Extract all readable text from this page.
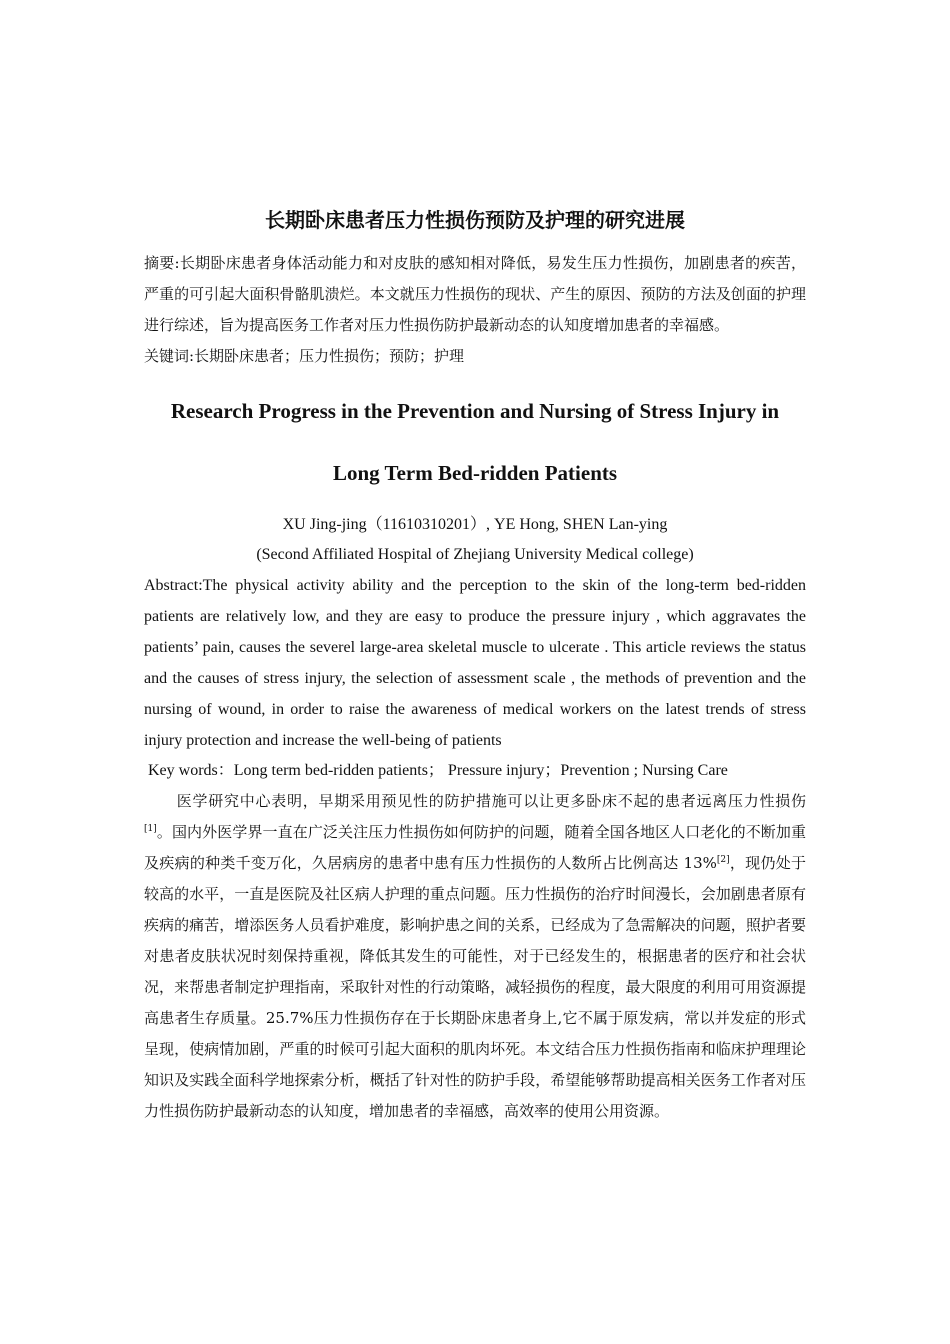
长期卧床患者压力性损伤预防及护理的研究进展

摘要:长期卧床患者身体活动能力和对皮肤的感知相对降低，易发生压力性损伤，加剧患者的疾苦，严重的可引起大面积骨骼肌溃烂。本文就压力性损伤的现状、产生的原因、预防的方法及创面的护理进行综述，旨为提高医务工作者对压力性损伤防护最新动态的认知度增加患者的幸福感。

关键词:长期卧床患者；压力性损伤；预防；护理

Research Progress in the Prevention and Nursing of Stress Injury in
Long Term Bed-ridden Patients

XU Jing-jing（11610310201）, YE Hong, SHEN Lan-ying

(Second Affiliated Hospital of Zhejiang University Medical college)

Abstract:The physical activity ability and the perception to the skin of the long-term bed-ridden patients are relatively low, and they are easy to produce the pressure injury , which aggravates the patients’ pain, causes the severel large-area skeletal muscle to ulcerate . This article reviews the status and the causes of stress injury, the selection of assessment scale , the methods of prevention and the nursing of wound, in order to raise the awareness of medical workers on the latest trends of stress injury protection and increase the well-being of patients

Key words：Long term bed-ridden patients； Pressure injury；Prevention ; Nursing Care

医学研究中心表明，早期采用预见性的防护措施可以让更多卧床不起的患者远离压力性损伤 [1]。国内外医学界一直在广泛关注压力性损伤如何防护的问题，随着全国各地区人口老化的不断加重及疾病的种类千变万化，久居病房的患者中患有压力性损伤的人数所占比例高达 13%[2]，现仍处于较高的水平，一直是医院及社区病人护理的重点问题。压力性损伤的治疗时间漫长，会加剧患者原有疾病的痛苦，增添医务人员看护难度，影响护患之间的关系，已经成为了急需解决的问题，照护者要对患者皮肤状况时刻保持重视，降低其发生的可能性，对于已经发生的，根据患者的医疗和社会状况，来帮患者制定护理指南，采取针对性的行动策略，减轻损伤的程度，最大限度的利用可用资源提高患者生存质量。25.7%压力性损伤存在于长期卧床患者身上,它不属于原发病，常以并发症的形式呈现，使病情加剧，严重的时候可引起大面积的肌肉坏死。本文结合压力性损伤指南和临床护理理论知识及实践全面科学地探索分析，概括了针对性的防护手段，希望能够帮助提高相关医务工作者对压力性损伤防护最新动态的认知度，增加患者的幸福感，高效率的使用公用资源。
